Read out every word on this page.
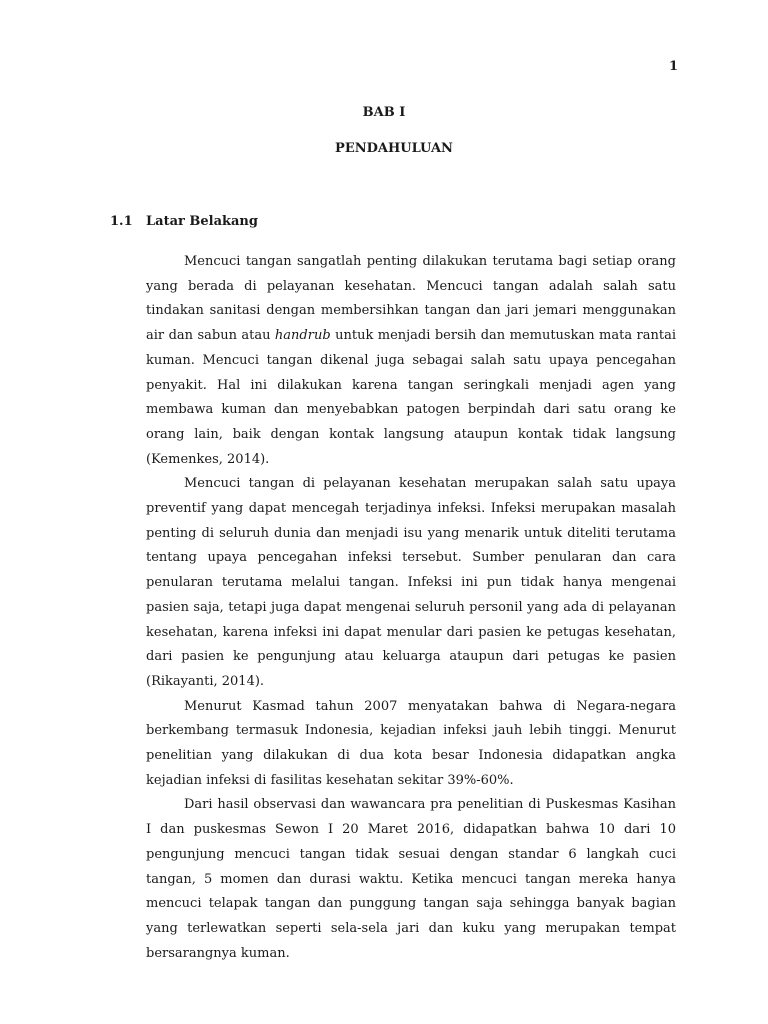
1
BAB I
PENDAHULUAN
1.1 Latar Belakang

Mencuci tangan sangatlah penting dilakukan terutama bagi setiap orang yang berada di pelayanan kesehatan. Mencuci tangan adalah salah satu tindakan sanitasi dengan membersihkan tangan dan jari jemari menggunakan air dan sabun atau handrub untuk menjadi bersih dan memutuskan mata rantai kuman. Mencuci tangan dikenal juga sebagai salah satu upaya pencegahan penyakit. Hal ini dilakukan karena tangan seringkali menjadi agen yang membawa kuman dan menyebabkan patogen berpindah dari satu orang ke orang lain, baik dengan kontak langsung ataupun kontak tidak langsung (Kemenkes, 2014).

Mencuci tangan di pelayanan kesehatan merupakan salah satu upaya preventif yang dapat mencegah terjadinya infeksi. Infeksi merupakan masalah penting di seluruh dunia dan menjadi isu yang menarik untuk diteliti terutama tentang upaya pencegahan infeksi tersebut. Sumber penularan dan cara penularan terutama melalui tangan. Infeksi ini pun tidak hanya mengenai pasien saja, tetapi juga dapat mengenai seluruh personil yang ada di pelayanan kesehatan, karena infeksi ini dapat menular dari pasien ke petugas kesehatan, dari pasien ke pengunjung atau keluarga ataupun dari petugas ke pasien (Rikayanti, 2014).

Menurut Kasmad tahun 2007 menyatakan bahwa di Negara-negara berkembang termasuk Indonesia, kejadian infeksi jauh lebih tinggi. Menurut penelitian yang dilakukan di dua kota besar Indonesia didapatkan angka kejadian infeksi di fasilitas kesehatan sekitar 39%-60%.

Dari hasil observasi dan wawancara pra penelitian di Puskesmas Kasihan I dan puskesmas Sewon I 20 Maret 2016, didapatkan bahwa 10 dari 10 pengunjung mencuci tangan tidak sesuai dengan standar 6 langkah cuci tangan, 5 momen dan durasi waktu. Ketika mencuci tangan mereka hanya mencuci telapak tangan dan punggung tangan saja sehingga banyak bagian yang terlewatkan seperti sela-sela jari dan kuku yang merupakan tempat bersarangnya kuman.
